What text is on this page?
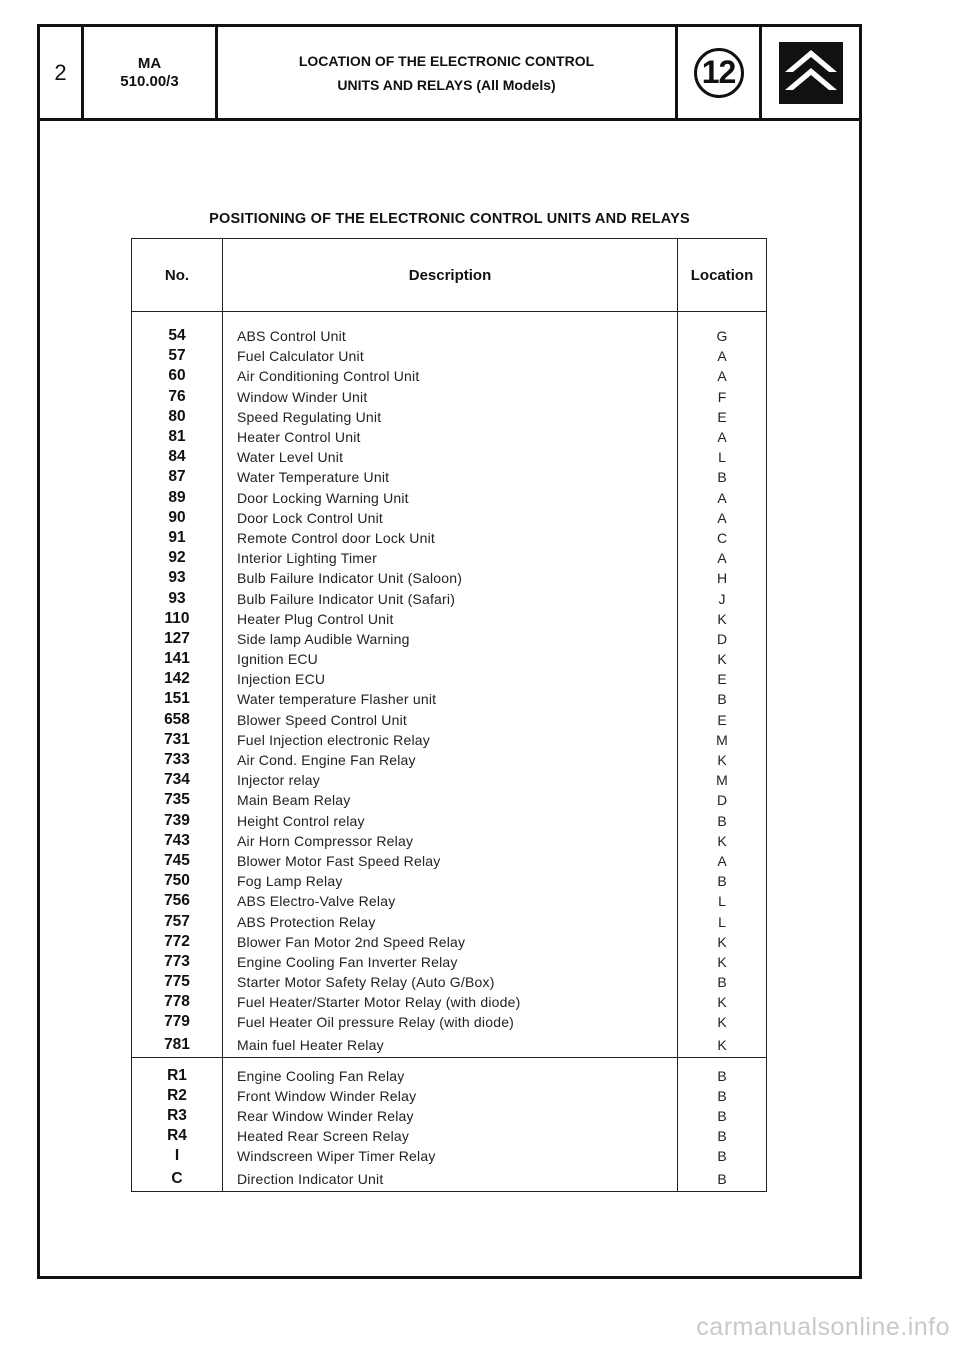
2	MA
510.00/3
LOCATION OF THE ELECTRONIC CONTROL
UNITS AND RELAYS (All Models)	12
POSITIONING OF THE ELECTRONIC CONTROL UNITS AND RELAYS
No.	Description	Location

54	ABS Control Unit	G
57	Fuel Calculator Unit	A
60	Air Conditioning Control Unit	A
76	Window Winder Unit	F
80	Speed Regulating Unit	E
81	Heater Control Unit	A
84	Water Level Unit	L
87	Water Temperature Unit	B
89	Door Locking Warning Unit	A
90	Door Lock Control Unit	A
91	Remote Control door Lock Unit	C
92	Interior Lighting Timer	A
93	Bulb Failure Indicator Unit (Saloon)	H
93	Bulb Failure Indicator Unit (Safari)	J
110	Heater Plug Control Unit	K
127	Side lamp Audible Warning	D
141	Ignition ECU	K
142	Injection ECU	E
151	Water temperature Flasher unit	B
658	Blower Speed Control Unit	E
731	Fuel Injection electronic Relay	M
733	Air Cond. Engine Fan Relay	K
734	Injector relay	M
735	Main Beam Relay	D
739	Height Control relay	B
743	Air Horn Compressor Relay	K
745	Blower Motor Fast Speed Relay	A
750	Fog Lamp Relay	B
756	ABS Electro-Valve Relay	L
757	ABS Protection Relay	L
772	Blower Fan Motor 2nd Speed Relay	K
773	Engine Cooling Fan Inverter Relay	K
775	Starter Motor Safety Relay (Auto G/Box)	B
778	Fuel Heater/Starter Motor Relay (with diode)	K
779	Fuel Heater Oil pressure Relay (with diode)	K
781	Main fuel Heater Relay	K

R1	Engine Cooling Fan Relay	B
R2	Front Window Winder Relay	B
R3	Rear Window Winder Relay	B
R4	Heated Rear Screen Relay	B
I	Windscreen Wiper Timer Relay	B
C	Direction Indicator Unit	B
carmanualsonline.info
